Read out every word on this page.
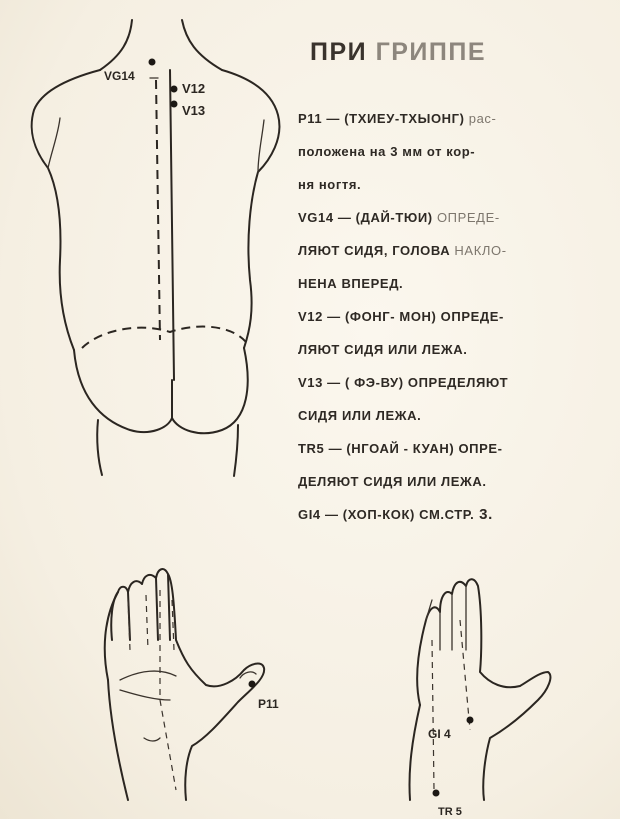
VG14
V12
V13
P11
GI 4
TR 5
ПРИ ГРИППЕ
P11 — (ТХИЕУ-ТХЫОНГ) рас-
положена на 3 мм от кор-
ня ногтя.
VG14 — (ДАЙ-ТЮИ) ОПРЕДЕ-
ЛЯЮТ СИДЯ, ГОЛОВА НАКЛО-
НЕНА ВПЕРЕД.
V12 — (ФОНГ- МОН) ОПРЕДЕ-
ЛЯЮТ СИДЯ ИЛИ ЛЕЖА.
V13 — ( ФЭ-ВУ) ОПРЕДЕЛЯЮТ
СИДЯ ИЛИ ЛЕЖА.
TR5 — (НГОАЙ - КУАН) ОПРЕ-
ДЕЛЯЮТ СИДЯ ИЛИ ЛЕЖА.
GI4 — (ХОП-КОК) СМ.СТР. 3.
